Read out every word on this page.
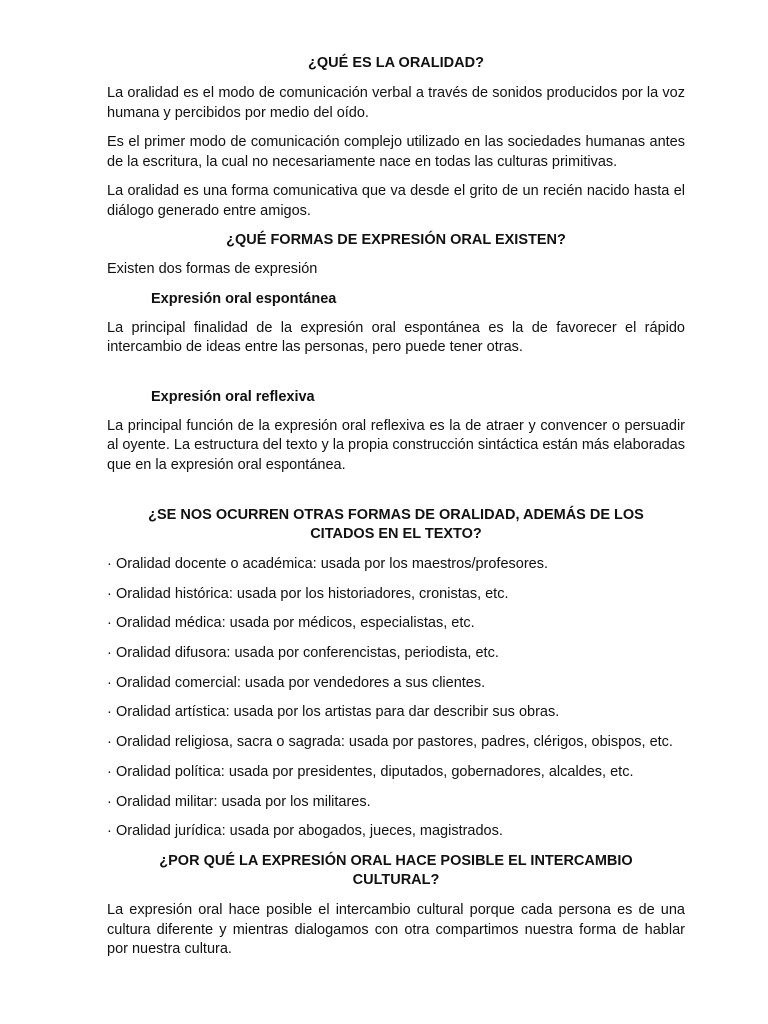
¿QUÉ ES LA ORALIDAD?

La oralidad es el modo de comunicación verbal a través de sonidos producidos por la voz humana y percibidos por medio del oído.

Es el primer modo de comunicación complejo utilizado en las sociedades humanas antes de la escritura, la cual no necesariamente nace en todas las culturas primitivas.

La oralidad es una forma comunicativa que va desde el grito de un recién nacido hasta el diálogo generado entre amigos.

¿QUÉ FORMAS DE EXPRESIÓN ORAL EXISTEN?

Existen dos formas de expresión

Expresión oral espontánea

La principal finalidad de la expresión oral espontánea es la de favorecer el rápido intercambio de ideas entre las personas, pero puede tener otras.

Expresión oral reflexiva

La principal función de la expresión oral reflexiva es la de atraer y convencer o persuadir al oyente. La estructura del texto y la propia construcción sintáctica están más elaboradas que en la expresión oral espontánea.

¿SE NOS OCURREN OTRAS FORMAS DE ORALIDAD, ADEMÁS DE LOS
CITADOS EN EL TEXTO?
· Oralidad docente o académica: usada por los maestros/profesores.
· Oralidad histórica: usada por los historiadores, cronistas, etc.
· Oralidad médica: usada por médicos, especialistas, etc.
· Oralidad difusora: usada por conferencistas, periodista, etc.
· Oralidad comercial: usada por vendedores a sus clientes.
· Oralidad artística: usada por los artistas para dar describir sus obras.
· Oralidad religiosa, sacra o sagrada: usada por pastores, padres, clérigos, obispos, etc.
· Oralidad política: usada por presidentes, diputados, gobernadores, alcaldes, etc.
· Oralidad militar: usada por los militares.
· Oralidad jurídica: usada por abogados, jueces, magistrados.
¿POR QUÉ LA EXPRESIÓN ORAL HACE POSIBLE EL INTERCAMBIO
CULTURAL?

La expresión oral hace posible el intercambio cultural porque cada persona es de una cultura diferente y mientras dialogamos con otra compartimos nuestra forma de hablar por nuestra cultura.
